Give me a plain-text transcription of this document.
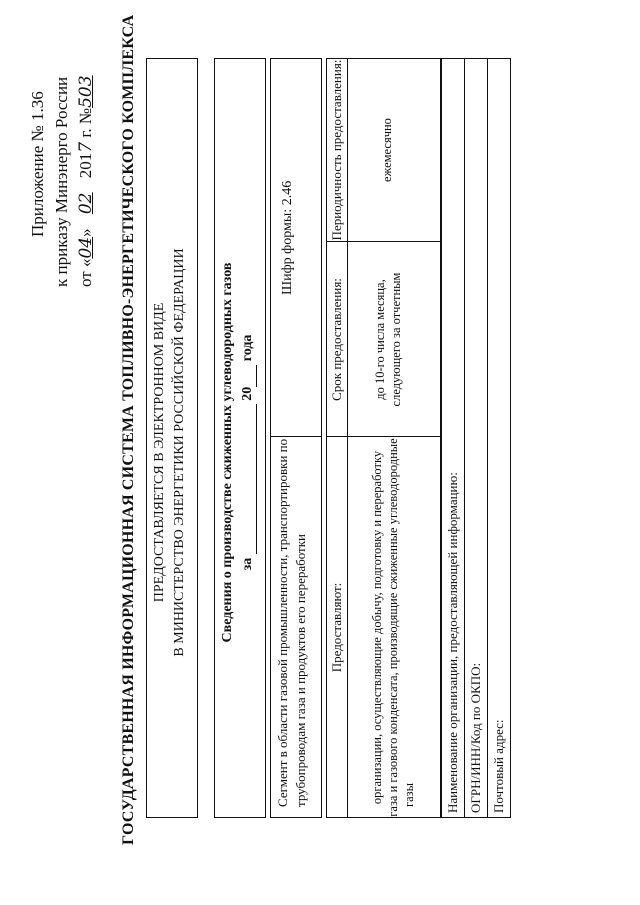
Приложение № 1.36 к приказу Минэнерго России от «04» 02 2017 г. №503 ГОСУДАРСТВЕННАЯ ИНФОРМАЦИОННАЯ СИСТЕМА ТОПЛИВНО-ЭНЕРГЕТИЧЕСКОГО КОМПЛЕКСА ПРЕДОСТАВЛЯЕТСЯ В ЭЛЕКТРОННОМ ВИДЕ В МИНИСТЕРСТВО ЭНЕРГЕТИКИ РОССИЙСКОЙ ФЕДЕРАЦИИ Сведения о производстве сжиженных углеводородных газов за   20  года
Сегмент в области газовой промышленности, транспортировки по трубопроводам газа и продуктов его переработки
Шифр формы: 2.46
Предоставляют:
Срок предоставления:
Периодичность предоставления:
организации, осуществляющие добычу, подготовку и переработку газа и газового конденсата, производящие сжиженные углеводородные газы
до 10-го числа месяца, следующего за отчетным
ежемесячно
Наименование организации, предоставляющей информацию: ОГРН/ИНН/Код по ОКПО: Почтовый адрес:
